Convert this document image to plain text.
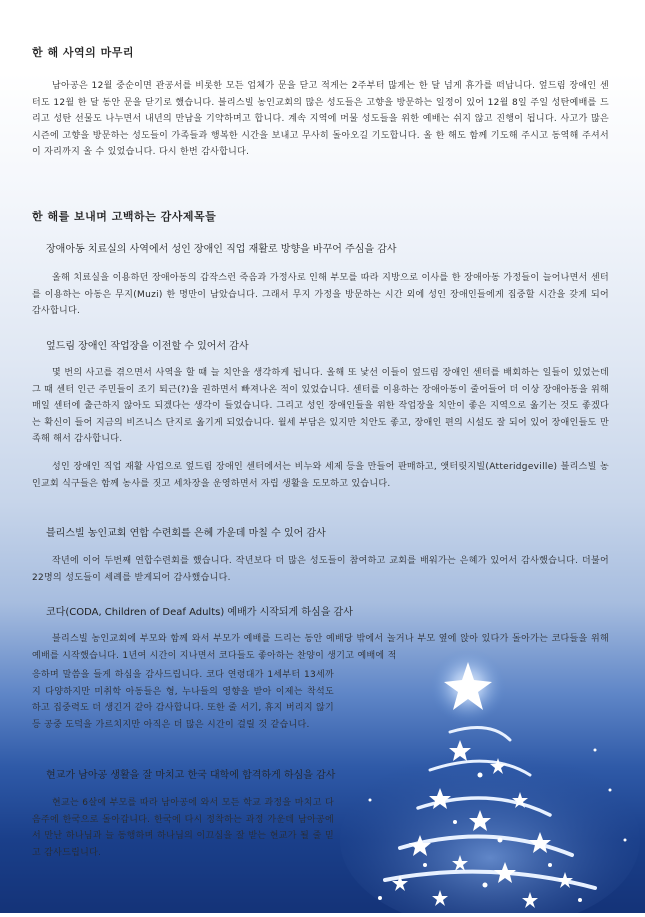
한 해 사역의 마무리
남아공은 12월 중순이면 관공서를 비롯한 모든 업체가 문을 닫고 적게는 2주부터 많게는 한 달 넘게 휴가를 떠납니다. 엎드림 장애인 센터도 12월 한 달 동안 문을 닫기로 했습니다. 블리스빌 농인교회의 많은 성도들은 고향을 방문하는 일정이 있어 12월 8일 주일 성탄예배를 드리고 성탄 선물도 나누면서 내년의 만남을 기약하며고 합니다. 계속 지역에 머물 성도들을 위한 예배는 쉬지 않고 진행이 됩니다. 사고가 많은 시즌에 고향을 방문하는 성도들이 가족들과 행복한 시간을 보내고 무사히 돌아오길 기도합니다. 올 한 해도 함께 기도해 주시고 동역해 주셔서 이 자리까지 올 수 있었습니다. 다시 한번 감사합니다.
한 해를 보내며 고백하는 감사제목들
장애아동 치료실의 사역에서 성인 장애인 직업 재활로 방향을 바꾸어 주심을 감사
올해 치료실을 이용하던 장애아동의 갑작스런 죽음과 가정사로 인해 부모를 따라 지방으로 이사를 한 장애아동 가정들이 늘어나면서 센터를 이용하는 아동은 무지(Muzi) 한 명만이 남았습니다. 그래서 무지 가정을 방문하는 시간 외에 성인 장애인들에게 집중할 시간을 갖게 되어 감사합니다.
엎드림 장애인 작업장을 이전할 수 있어서 감사
몇 번의 사고를 겪으면서 사역을 할 때 늘 치안을 생각하게 됩니다. 올해 또 낯선 이들이 엎드림 장애인 센터를 배회하는 일들이 있었는데 그 때 센터 인근 주민들이 조기 퇴근(?)을 권하면서 빠져나온 적이 있었습니다. 센터를 이용하는 장애아동이 줄어들어 더 이상 장애아동을 위해 매일 센터에 출근하지 않아도 되겠다는 생각이 들었습니다. 그리고 성인 장애인들을 위한 작업장을 치안이 좋은 지역으로 옮기는 것도 좋겠다는 확신이 들어 지금의 비즈니스 단지로 옮기게 되었습니다. 월세 부담은 있지만 치안도 좋고, 장애인 편의 시설도 잘 되어 있어 장애인들도 만족해 해서 감사합니다.
성인 장애인 직업 재활 사업으로 엎드림 장애인 센터에서는 비누와 세제 등을 만들어 판매하고, 앳터릿지빌(Atteridgeville) 블리스빌 농인교회 식구들은 함께 농사를 짓고 세차장을 운영하면서 자립 생활을 도모하고 있습니다.
블리스빌 농인교회 연합 수련회를 은혜 가운데 마칠 수 있어 감사
작년에 이어 두번째 연합수련회를 했습니다. 작년보다 더 많은 성도들이 참여하고 교회를 배워가는 은혜가 있어서 감사했습니다. 더불어 22명의 성도들이 세례를 받게되어 감사했습니다.
코다(CODA, Children of Deaf Adults) 예배가 시작되게 하심을 감사
블리스빌 농인교회에 부모와 함께 와서 부모가 예배를 드리는 동안 예배당 밖에서 놀거나 부모 옆에 앉아 있다가 돌아가는 코다들을 위해 예배를 시작했습니다. 1년여 시간이 지나면서 코다들도 좋아하는 찬양이 생기고 예배에 적
응하며 말씀을 들게 하심을 감사드립니다. 코다 연령대가 1세부터 13세까지 다양하지만 미취학 아동들은 형, 누나들의 영향을 받아 이제는 착석도 하고 집중력도 더 생긴거 같아 감사합니다. 또한 줄 서기, 휴지 버리지 않기 등 공중 도덕을 가르치지만 아직은 더 많은 시간이 걸릴 것 같습니다.
현교가 남아공 생활을 잘 마치고 한국 대학에 합격하게 하심을 감사
현교는 6살에 부모를 따라 남아공에 와서 모든 학교 과정을 마치고 다음주에 한국으로 돌아갑니다. 한국에 다시 정착하는 과정 가운데 남아공에서 만난 하나님과 늘 동행하며 하나님의 이끄심을 잘 받는 현교가 될 줄 믿고 감사드립니다.
